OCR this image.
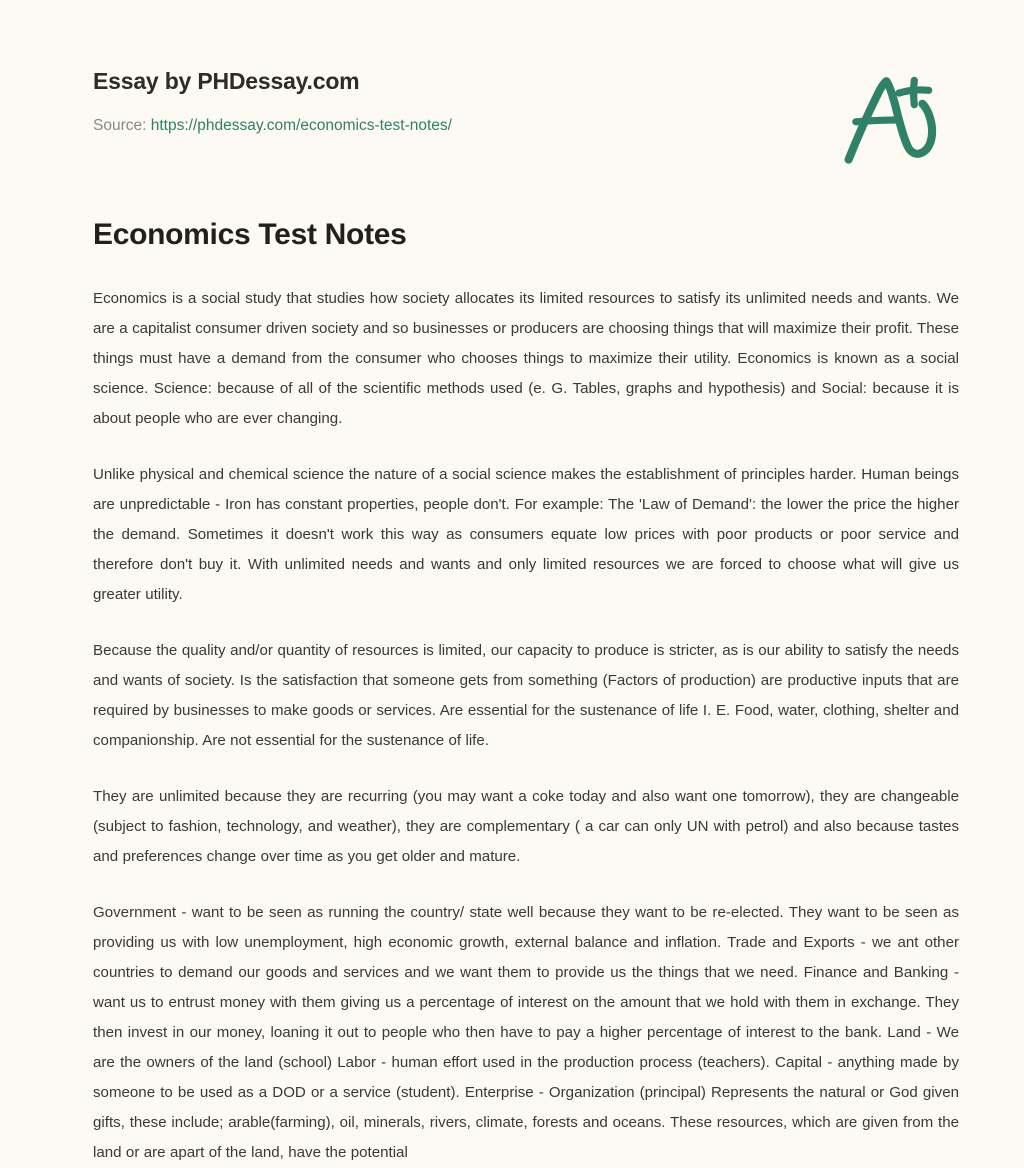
Essay by PHDessay.com
Source: https://phdessay.com/economics-test-notes/
Economics Test Notes

Economics is a social study that studies how society allocates its limited resources to satisfy its unlimited needs and wants. We are a capitalist consumer driven society and so businesses or producers are choosing things that will maximize their profit. These things must have a demand from the consumer who chooses things to maximize their utility. Economics is known as a social science. Science: because of all of the scientific methods used (e. G. Tables, graphs and hypothesis) and Social: because it is about people who are ever changing.

Unlike physical and chemical science the nature of a social science makes the establishment of principles harder. Human beings are unpredictable - Iron has constant properties, people don't. For example: The 'Law of Demand': the lower the price the higher the demand. Sometimes it doesn't work this way as consumers equate low prices with poor products or poor service and therefore don't buy it. With unlimited needs and wants and only limited resources we are forced to choose what will give us greater utility.

Because the quality and/or quantity of resources is limited, our capacity to produce is stricter, as is our ability to satisfy the needs and wants of society. Is the satisfaction that someone gets from something (Factors of production) are productive inputs that are required by businesses to make goods or services. Are essential for the sustenance of life I. E. Food, water, clothing, shelter and companionship. Are not essential for the sustenance of life.

They are unlimited because they are recurring (you may want a coke today and also want one tomorrow), they are changeable (subject to fashion, technology, and weather), they are complementary ( a car can only UN with petrol) and also because tastes and preferences change over time as you get older and mature.

Government - want to be seen as running the country/ state well because they want to be re-elected. They want to be seen as providing us with low unemployment, high economic growth, external balance and inflation. Trade and Exports - we ant other countries to demand our goods and services and we want them to provide us the things that we need. Finance and Banking - want us to entrust money with them giving us a percentage of interest on the amount that we hold with them in exchange. They then invest in our money, loaning it out to people who then have to pay a higher percentage of interest to the bank. Land - We are the owners of the land (school) Labor - human effort used in the production process (teachers). Capital - anything made by someone to be used as a DOD or a service (student). Enterprise - Organization (principal) Represents the natural or God given gifts, these include; arable(farming), oil, minerals, rivers, climate, forests and oceans. These resources, which are given from the land or are apart of the land, have the potential
